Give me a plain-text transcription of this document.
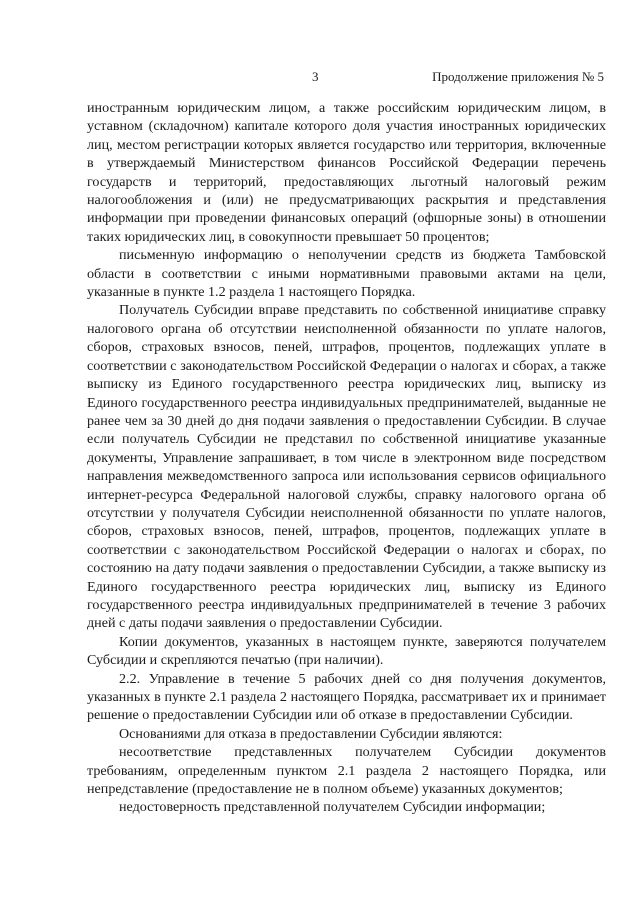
3	Продолжение приложения № 5

иностранным юридическим лицом, а также российским юридическим лицом, в уставном (складочном) капитале которого доля участия иностранных юридических лиц, местом регистрации которых является государство или территория, включенные в утверждаемый Министерством финансов Российской Федерации перечень государств и территорий, предоставляющих льготный налоговый режим налогообложения и (или) не предусматривающих раскрытия и представления информации при проведении финансовых операций (офшорные зоны) в отношении таких юридических лиц, в совокупности превышает 50 процентов;

письменную информацию о неполучении средств из бюджета Тамбовской области в соответствии с иными нормативными правовыми актами на цели, указанные в пункте 1.2 раздела 1 настоящего Порядка.

Получатель Субсидии вправе представить по собственной инициативе справку налогового органа об отсутствии неисполненной обязанности по уплате налогов, сборов, страховых взносов, пеней, штрафов, процентов, подлежащих уплате в соответствии с законодательством Российской Федерации о налогах и сборах, а также выписку из Единого государственного реестра юридических лиц, выписку из Единого государственного реестра индивидуальных предпринимателей, выданные не ранее чем за 30 дней до дня подачи заявления о предоставлении Субсидии. В случае если получатель Субсидии не представил по собственной инициативе указанные документы, Управление запрашивает, в том числе в электронном виде посредством направления межведомственного запроса или использования сервисов официального интернет-ресурса Федеральной налоговой службы, справку налогового органа об отсутствии у получателя Субсидии неисполненной обязанности по уплате налогов, сборов, страховых взносов, пеней, штрафов, процентов, подлежащих уплате в соответствии с законодательством Российской Федерации о налогах и сборах, по состоянию на дату подачи заявления о предоставлении Субсидии, а также выписку из Единого государственного реестра юридических лиц, выписку из Единого государственного реестра индивидуальных предпринимателей в течение 3 рабочих дней с даты подачи заявления о предоставлении Субсидии.

Копии документов, указанных в настоящем пункте, заверяются получателем Субсидии и скрепляются печатью (при наличии).

2.2. Управление в течение 5 рабочих дней со дня получения документов, указанных в пункте 2.1 раздела 2 настоящего Порядка, рассматривает их и принимает решение о предоставлении Субсидии или об отказе в предоставлении Субсидии.

Основаниями для отказа в предоставлении Субсидии являются:

несоответствие представленных получателем Субсидии документов требованиям, определенным пунктом 2.1 раздела 2 настоящего Порядка, или непредставление (предоставление не в полном объеме) указанных документов;

недостоверность представленной получателем Субсидии информации;
